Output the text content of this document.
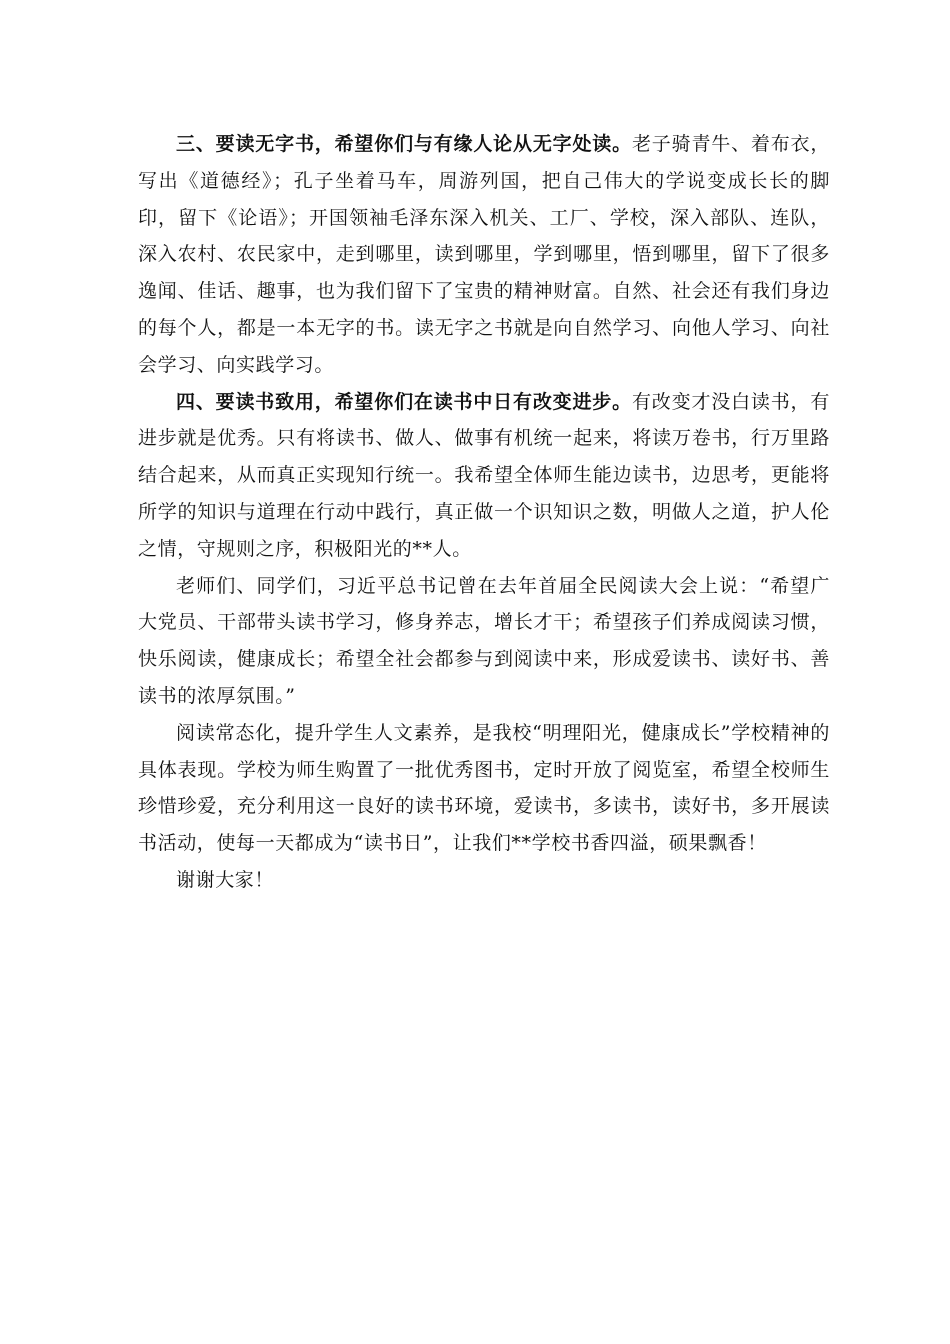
三、要读无字书，希望你们与有缘人论从无字处读。老子骑青牛、着布衣，写出《道德经》；孔子坐着马车，周游列国，把自己伟大的学说变成长长的脚印，留下《论语》；开国领袖毛泽东深入机关、工厂、学校，深入部队、连队，深入农村、农民家中，走到哪里，读到哪里，学到哪里，悟到哪里，留下了很多逸闻、佳话、趣事，也为我们留下了宝贵的精神财富。自然、社会还有我们身边的每个人，都是一本无字的书。读无字之书就是向自然学习、向他人学习、向社会学习、向实践学习。

四、要读书致用，希望你们在读书中日有改变进步。有改变才没白读书，有进步就是优秀。只有将读书、做人、做事有机统一起来，将读万卷书，行万里路结合起来，从而真正实现知行统一。我希望全体师生能边读书，边思考，更能将所学的知识与道理在行动中践行，真正做一个识知识之数，明做人之道，护人伦之情，守规则之序，积极阳光的**人。

老师们、同学们，习近平总书记曾在去年首届全民阅读大会上说：“希望广大党员、干部带头读书学习，修身养志，增长才干；希望孩子们养成阅读习惯，快乐阅读，健康成长；希望全社会都参与到阅读中来，形成爱读书、读好书、善读书的浓厚氛围。”

阅读常态化，提升学生人文素养，是我校“明理阳光，健康成长”学校精神的具体表现。学校为师生购置了一批优秀图书，定时开放了阅览室，希望全校师生珍惜珍爱，充分利用这一良好的读书环境，爱读书，多读书，读好书，多开展读书活动，使每一天都成为“读书日”，让我们**学校书香四溢，硕果飘香！

谢谢大家！
